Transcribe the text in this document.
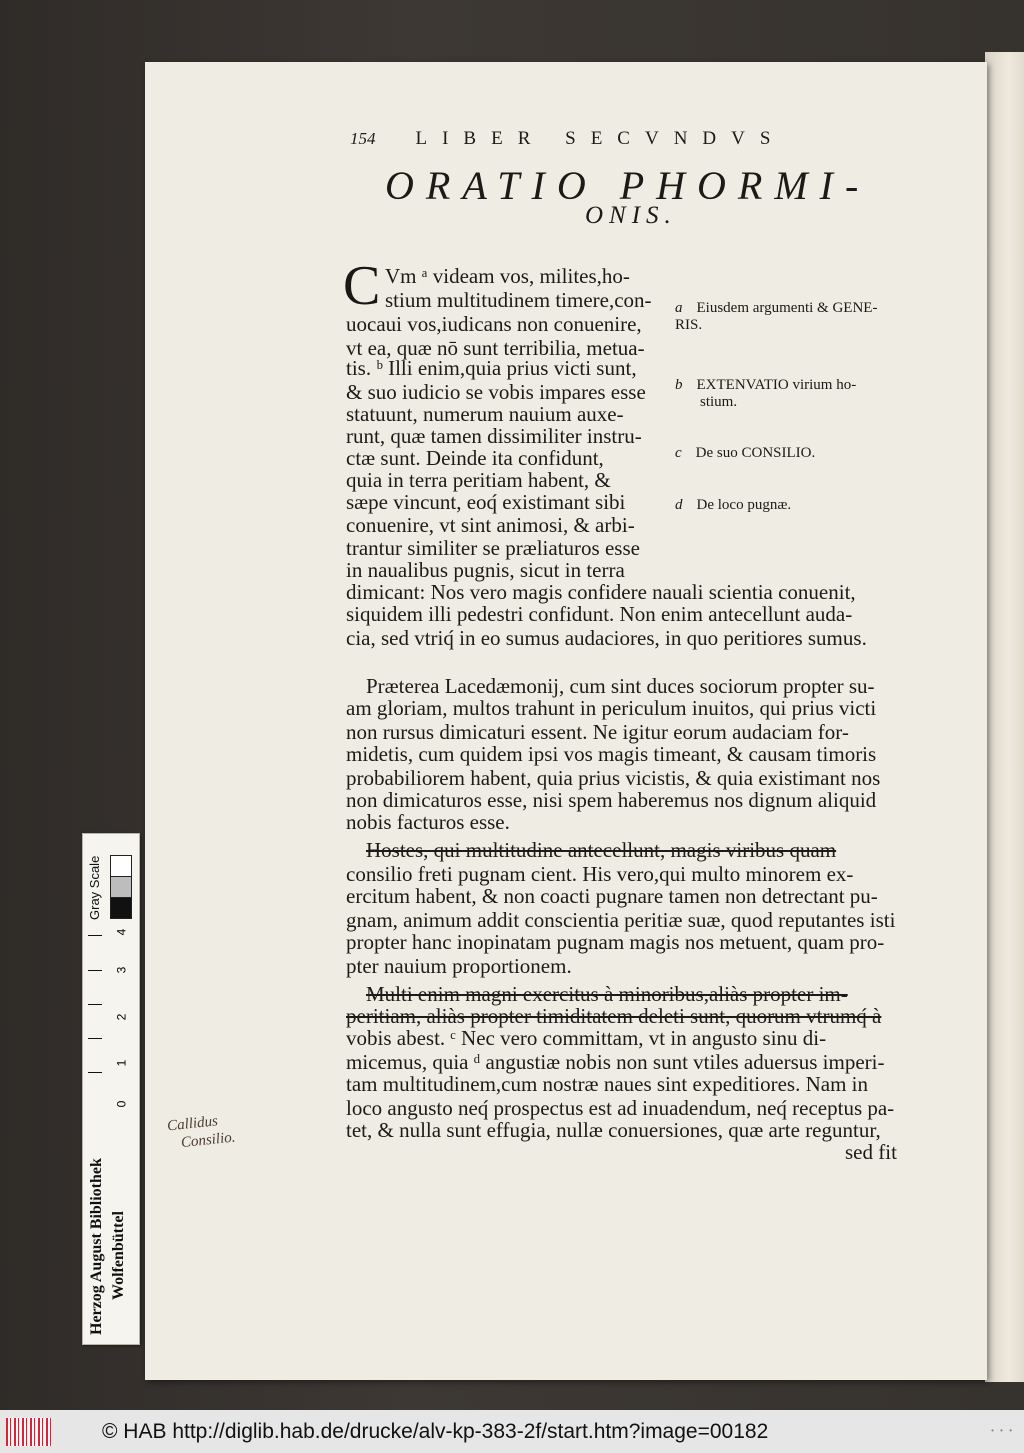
154 LIBER SECVNDVS
ORATIO PHORMI-
ONIS.
C Vm ᵃ videam vos, milites,ho-
stium multitudinem timere,con-
uocaui vos,iudicans non conuenire,
vt ea, quæ nō sunt terribilia, metua-
tis. ᵇ Illi enim,quia prius victi sunt,
& suo iudicio se vobis impares esse
statuunt, numerum nauium auxe-
runt, quæ tamen dissimiliter instru-
ctæ sunt. Deinde ita confidunt,
quia in terra peritiam habent, &
sæpe vincunt, eoq́ existimant sibi
conuenire, vt sint animosi, & arbi-
trantur similiter se præliaturos esse
in naualibus pugnis, sicut in terra
dimicant: Nos vero magis confidere nauali scientia conuenit,
siquidem illi pedestri confidunt. Non enim antecellunt auda-
cia, sed vtriq́ in eo sumus audaciores, in quo peritiores sumus.
Præterea Lacedæmonij, cum sint duces sociorum propter su-
am gloriam, multos trahunt in periculum inuitos, qui prius victi
non rursus dimicaturi essent. Ne igitur eorum audaciam for-
midetis, cum quidem ipsi vos magis timeant, & causam timoris
probabiliorem habent, quia prius vicistis, & quia existimant nos
non dimicaturos esse, nisi spem haberemus nos dignum aliquid
nobis facturos esse.
Hostes, qui multitudine antecellunt, magis viribus quam
consilio freti pugnam cient. His vero,qui multo minorem ex-
ercitum habent, & non coacti pugnare tamen non detrectant pu-
gnam, animum addit conscientia peritiæ suæ, quod reputantes isti
propter hanc inopinatam pugnam magis nos metuent, quam pro-
pter nauium proportionem.
Multi enim magni exercitus à minoribus,aliàs propter im-
peritiam, aliàs propter timiditatem deleti sunt, quorum vtrumq́ à
vobis abest. ᶜ Nec vero committam, vt in angusto sinu di-
micemus, quia ᵈ angustiæ nobis non sunt vtiles aduersus imperi-
tam multitudinem,cum nostræ naues sint expeditiores. Nam in
loco angusto neq́ prospectus est ad inuadendum, neq́ receptus pa-
tet, & nulla sunt effugia, nullæ conuersiones, quæ arte reguntur,
sed fit
a Eiusdem argumenti & GENE-
RIS.
b EXTENVATIO virium ho-
stium.
c De suo CONSILIO.
d De loco pugnæ.
Callidus
Consilio.
Gray Scale
4
3
2
1
0
Herzog August Bibliothek Wolfenbüttel
© HAB http://diglib.hab.de/drucke/alv-kp-383-2f/start.htm?image=00182	• • •
